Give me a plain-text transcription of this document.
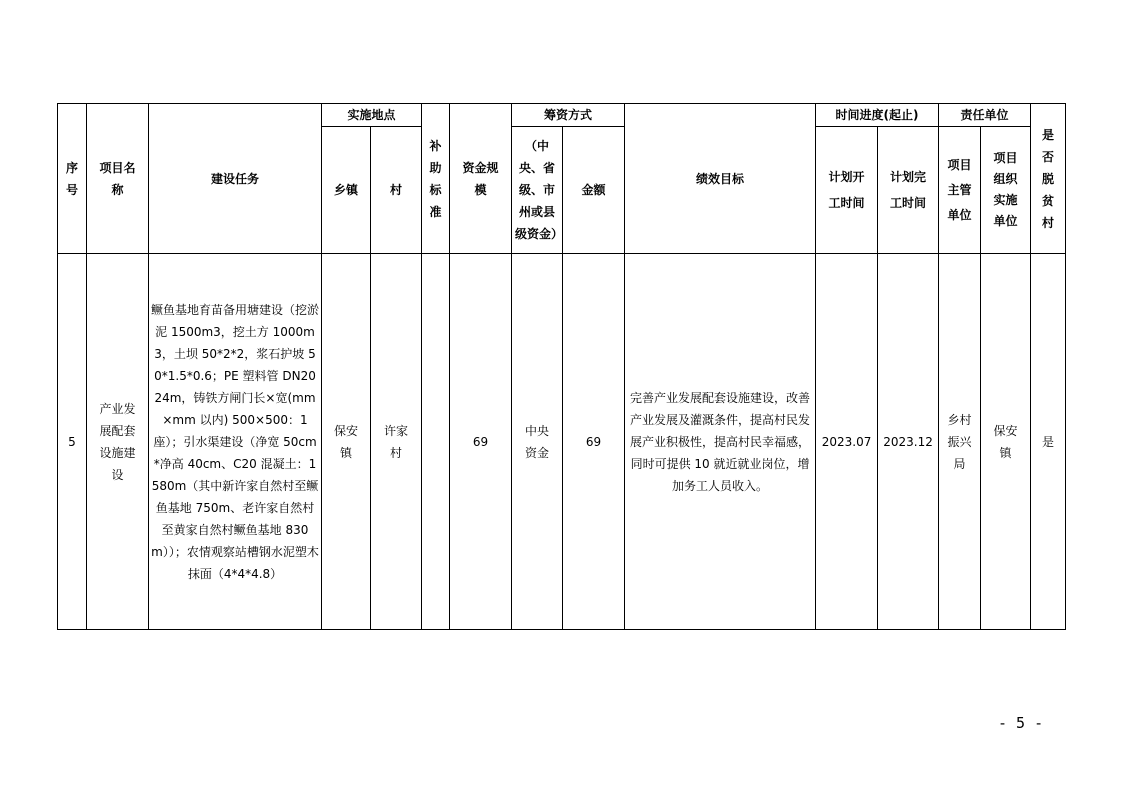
序号	项目名称	建设任务	实施地点		补助标准	资金规模	筹资方式		绩效目标	时间进度(起止)		责任单位		是否脱贫村

			乡镇	村			（中央、省级、市州或县级资金）	金额		计划开工时间	计划完工时间	项目主管单位	项目组织实施单位	

5	产业发展配套设施建设	鳜鱼基地育苗备用塘建设（挖淤泥 1500m3，挖土方 1000m3，土坝 50*2*2，浆石护坡 50*1.5*0.6；PE 塑料管 DN2024m，铸铁方闸门长×宽(mm×mm 以内) 500×500：1 座）；引水渠建设（净宽 50cm*净高 40cm、C20 混凝土：1580m（其中新许家自然村至鳜鱼基地 750m、老许家自然村至黄家自然村鳜鱼基地 830m））；农情观察站槽钢水泥塑木抹面（4*4*4.8）	保安镇	许家村		69	中央资金	69	完善产业发展配套设施建设，改善产业发展及灌溉条件，提高村民发展产业积极性，提高村民幸福感，同时可提供 10 就近就业岗位，增加务工人员收入。	2023.07	2023.12	乡村振兴局	保安镇	是
- 5 -
